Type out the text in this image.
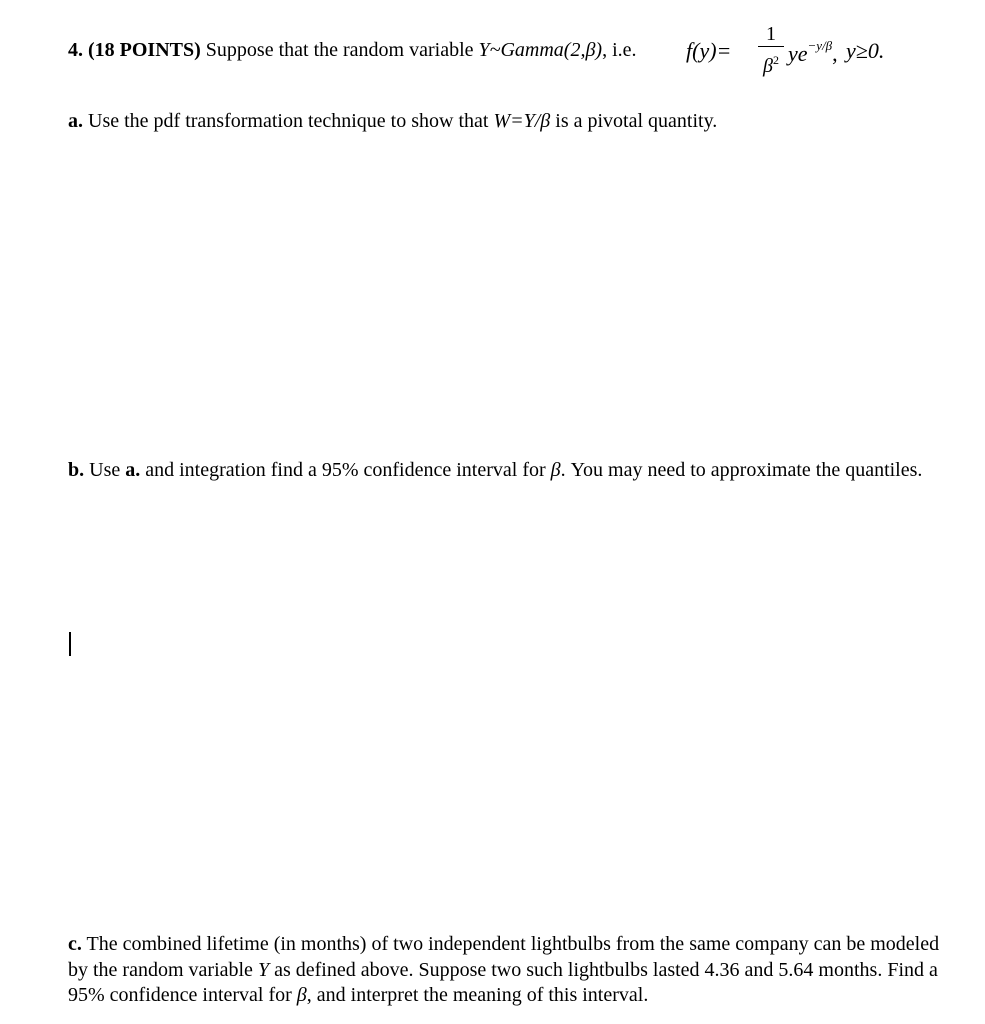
4. (18 POINTS) Suppose that the random variable Y~Gamma(2,β), i.e. f(y)=
1
$\beta^2$ $ye^{-y/\beta}$, y≥0.
a. Use the pdf transformation technique to show that W=Y/β is a pivotal quantity.
b. Use a. and integration find a 95% confidence interval for β. You may need to approximate the quantiles.
c. The combined lifetime (in months) of two independent lightbulbs from the same company can be modeled by the random variable Y as defined above. Suppose two such lightbulbs lasted 4.36 and 5.64 months. Find a 95% confidence interval for β, and interpret the meaning of this interval.
